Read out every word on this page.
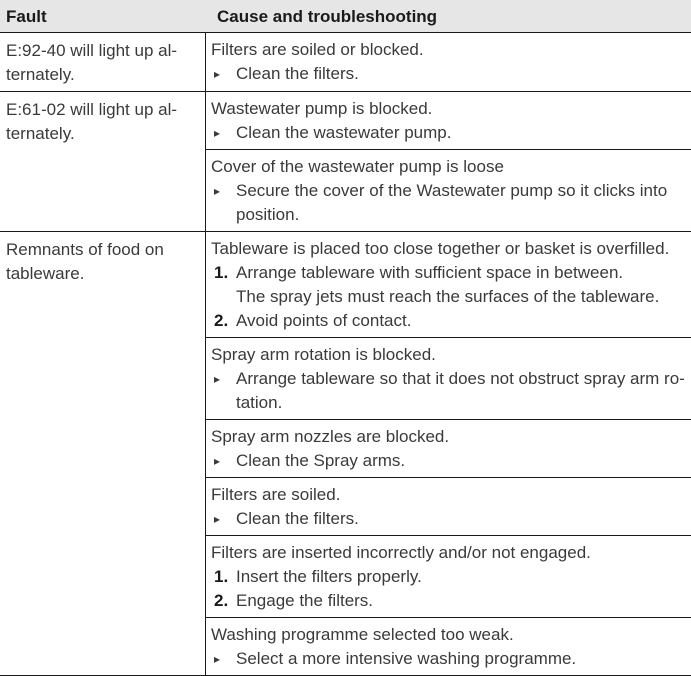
Fault	Cause and troubleshooting
E:92-40 will light up al-
ternately.
Filters are soiled or blocked.
▸ Clean the filters.
E:61-02 will light up al-
ternately.
Wastewater pump is blocked.
▸ Clean the wastewater pump.
Cover of the wastewater pump is loose
▸ Secure the cover of the Wastewater pump so it clicks into
position.
Remnants of food on
tableware.
Tableware is placed too close together or basket is overfilled.
1. Arrange tableware with sufficient space in between.
The spray jets must reach the surfaces of the tableware.
2. Avoid points of contact.
Spray arm rotation is blocked.
▸ Arrange tableware so that it does not obstruct spray arm ro-
tation.
Spray arm nozzles are blocked.
▸ Clean the Spray arms.
Filters are soiled.
▸ Clean the filters.
Filters are inserted incorrectly and/or not engaged.
1. Insert the filters properly.
2. Engage the filters.
Washing programme selected too weak.
▸ Select a more intensive washing programme.
